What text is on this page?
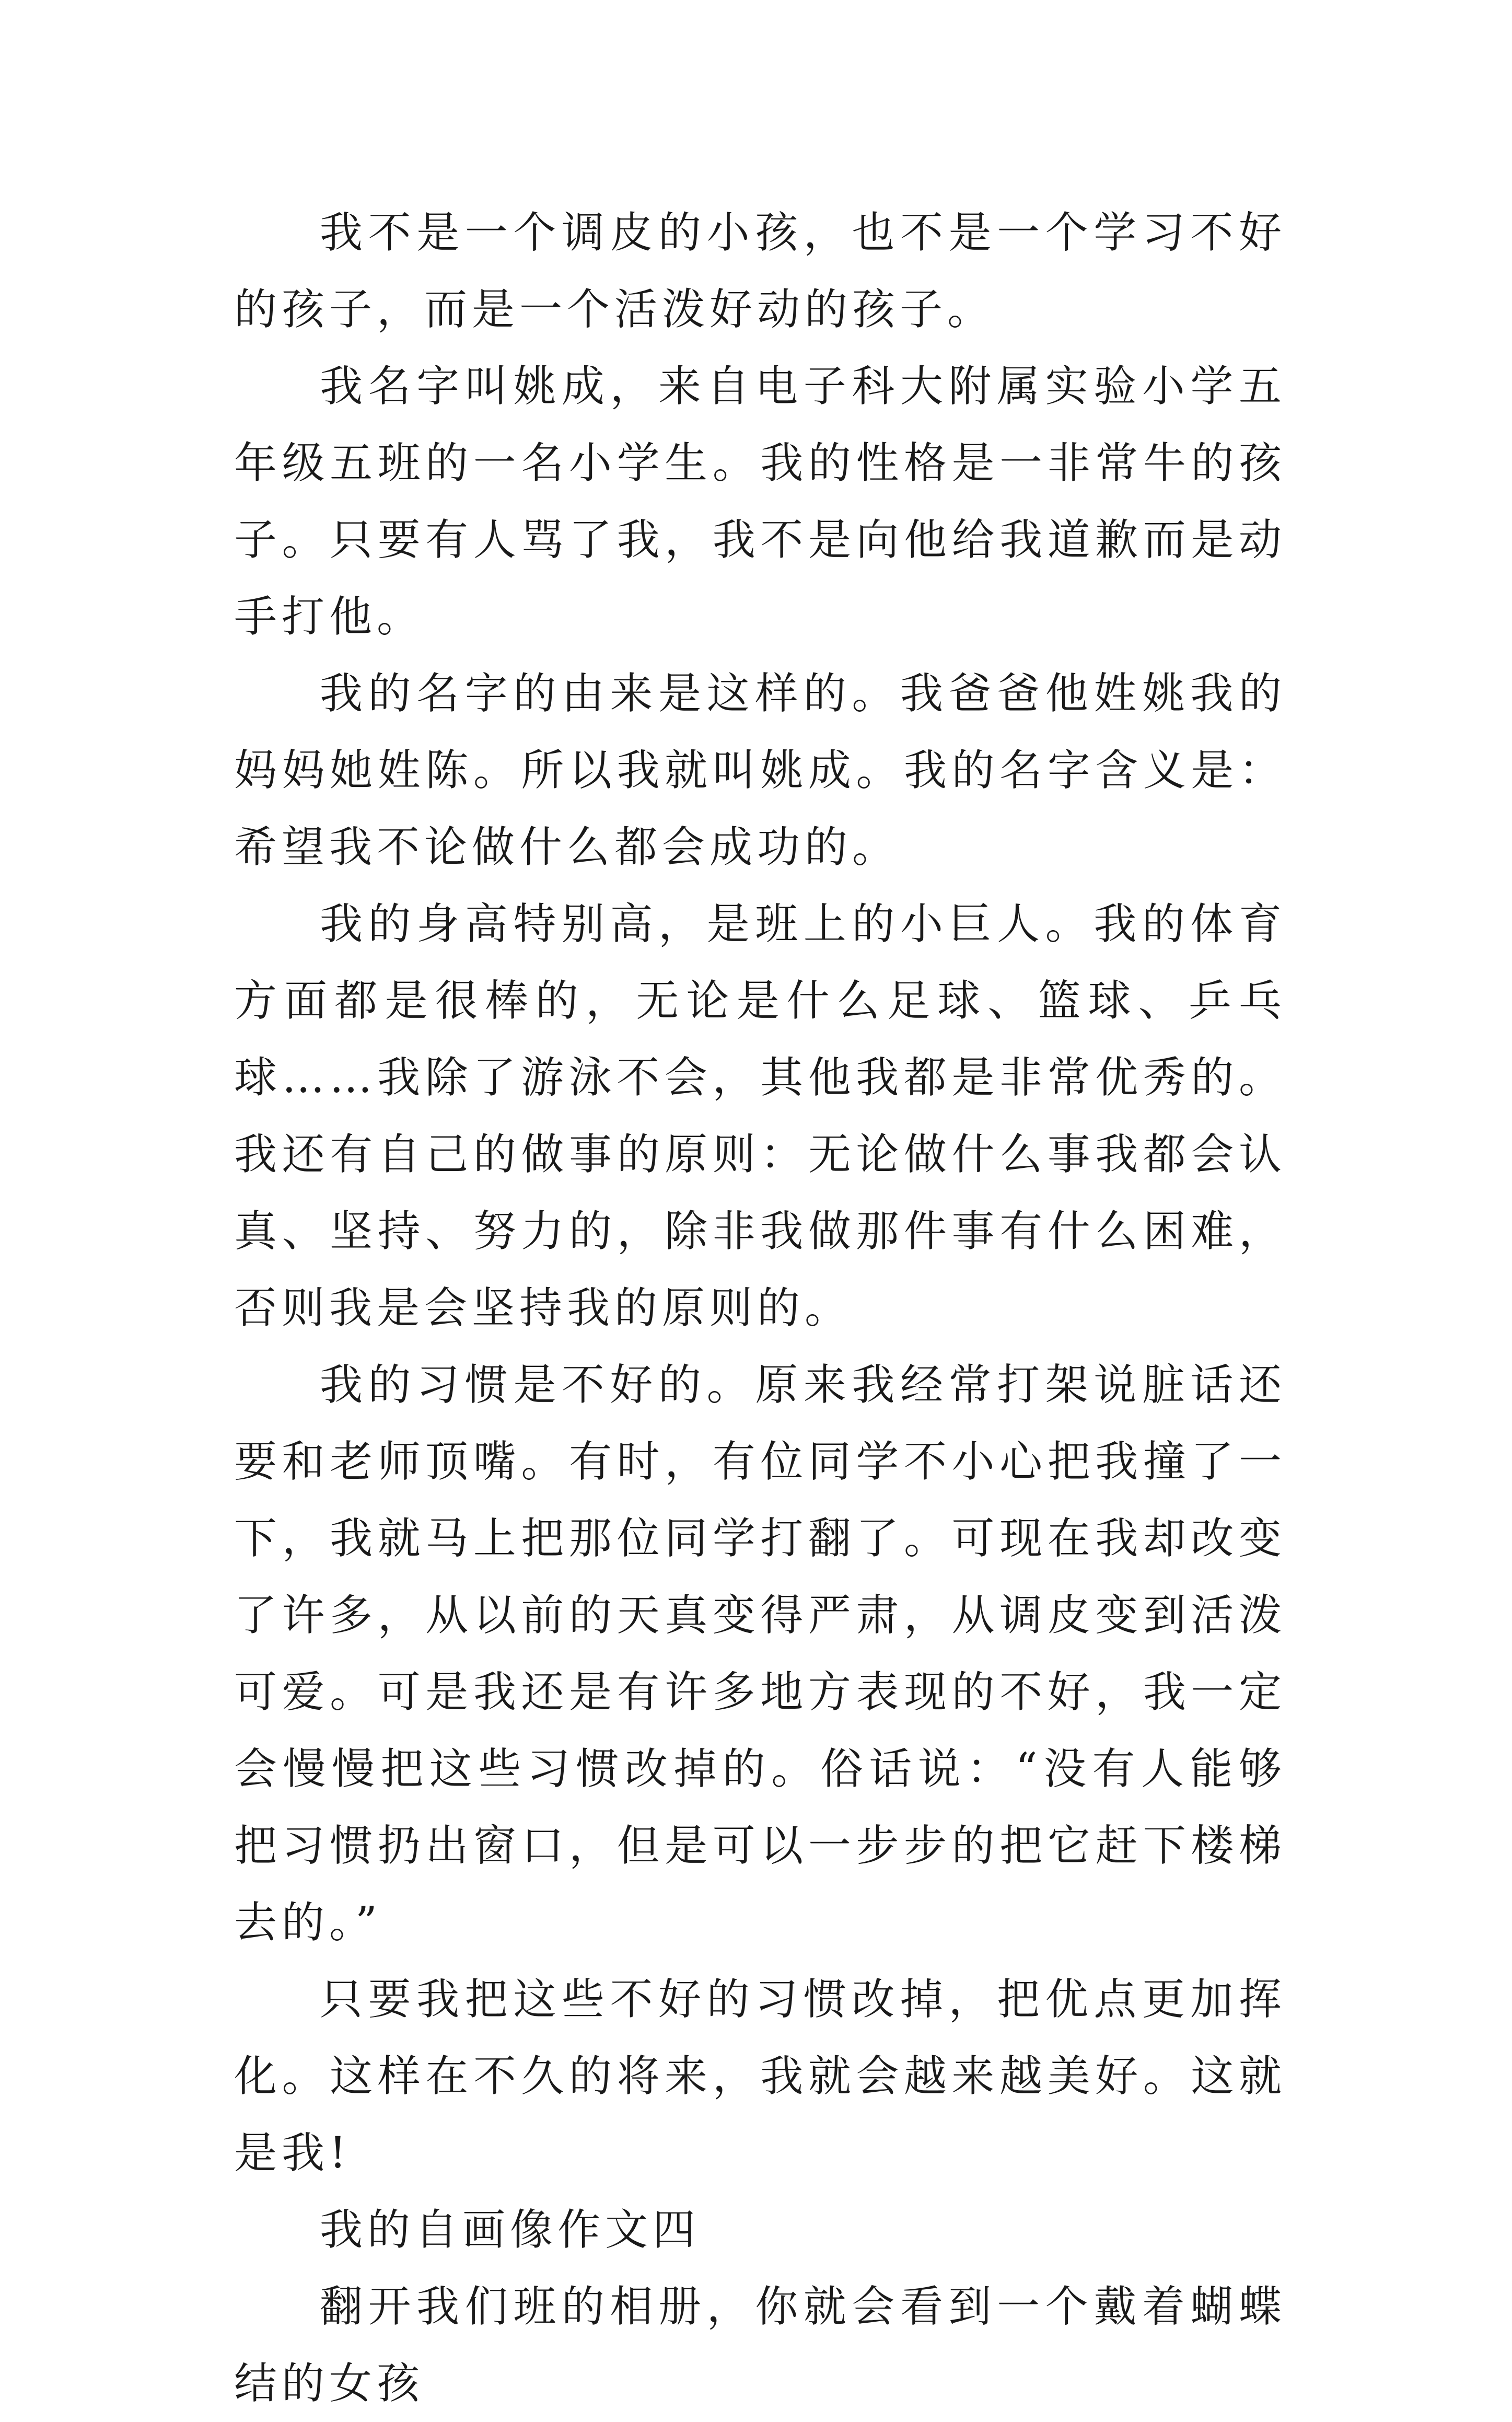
我不是一个调皮的小孩，也不是一个学习不好的孩子，而是一个活泼好动的孩子。

我名字叫姚成，来自电子科大附属实验小学五年级五班的一名小学生。我的性格是一非常牛的孩子。只要有人骂了我，我不是向他给我道歉而是动手打他。

我的名字的由来是这样的。我爸爸他姓姚我的妈妈她姓陈。所以我就叫姚成。我的名字含义是：希望我不论做什么都会成功的。

我的身高特别高，是班上的小巨人。我的体育方面都是很棒的，无论是什么足球、篮球、乒乓球……我除了游泳不会，其他我都是非常优秀的。我还有自己的做事的原则：无论做什么事我都会认真、坚持、努力的，除非我做那件事有什么困难，否则我是会坚持我的原则的。

我的习惯是不好的。原来我经常打架说脏话还要和老师顶嘴。有时，有位同学不小心把我撞了一下，我就马上把那位同学打翻了。可现在我却改变了许多，从以前的天真变得严肃，从调皮变到活泼可爱。可是我还是有许多地方表现的不好，我一定会慢慢把这些习惯改掉的。俗话说：“没有人能够把习惯扔出窗口，但是可以一步步的把它赶下楼梯去的。”

只要我把这些不好的习惯改掉，把优点更加挥化。这样在不久的将来，我就会越来越美好。这就是我!

我的自画像作文四

翻开我们班的相册，你就会看到一个戴着蝴蝶结的女孩
